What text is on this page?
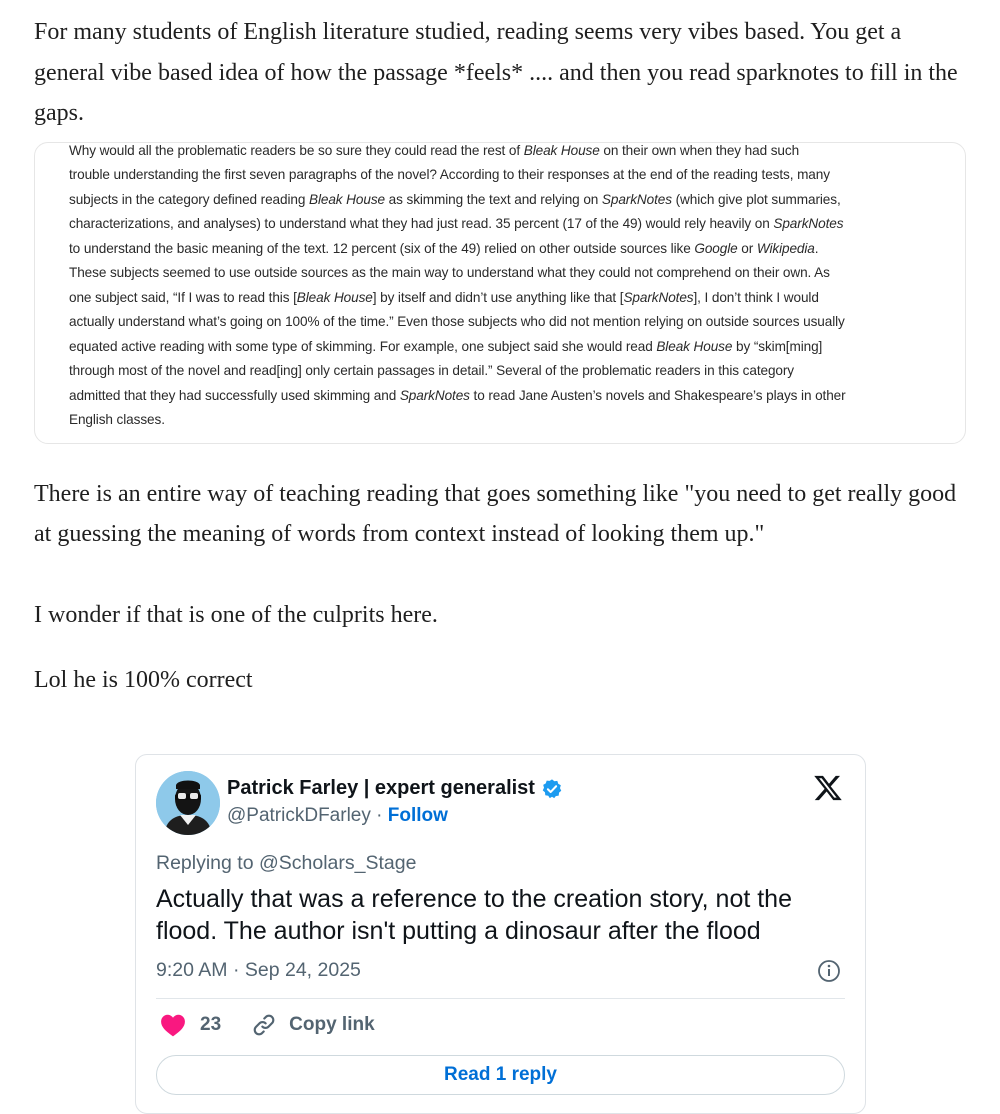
For many students of English literature studied, reading seems very vibes based. You get a general vibe based idea of how the passage *feels* .... and then you read sparknotes to fill in the gaps.

Why would all the problematic readers be so sure they could read the rest of Bleak House on their own when they had such
trouble understanding the first seven paragraphs of the novel? According to their responses at the end of the reading tests, many
subjects in the category defined reading Bleak House as skimming the text and relying on SparkNotes (which give plot summaries,
characterizations, and analyses) to understand what they had just read. 35 percent (17 of the 49) would rely heavily on SparkNotes
to understand the basic meaning of the text. 12 percent (six of the 49) relied on other outside sources like Google or Wikipedia.
These subjects seemed to use outside sources as the main way to understand what they could not comprehend on their own. As
one subject said, “If I was to read this [Bleak House] by itself and didn’t use anything like that [SparkNotes], I don’t think I would
actually understand what’s going on 100% of the time.” Even those subjects who did not mention relying on outside sources usually
equated active reading with some type of skimming. For example, one subject said she would read Bleak House by “skim[ming]
through most of the novel and read[ing] only certain passages in detail.” Several of the problematic readers in this category
admitted that they had successfully used skimming and SparkNotes to read Jane Austen’s novels and Shakespeare’s plays in other
English classes.

There is an entire way of teaching reading that goes something like "you need to get really good at guessing the meaning of words from context instead of looking them up."

I wonder if that is one of the culprits here.

Lol he is 100% correct

Patrick Farley | expert generalist
@PatrickDFarley · Follow
Replying to @Scholars_Stage
Actually that was a reference to the creation story, not the flood. The author isn't putting a dinosaur after the flood
9:20 AM · Sep 24, 2025
23	Copy link
Read 1 reply
